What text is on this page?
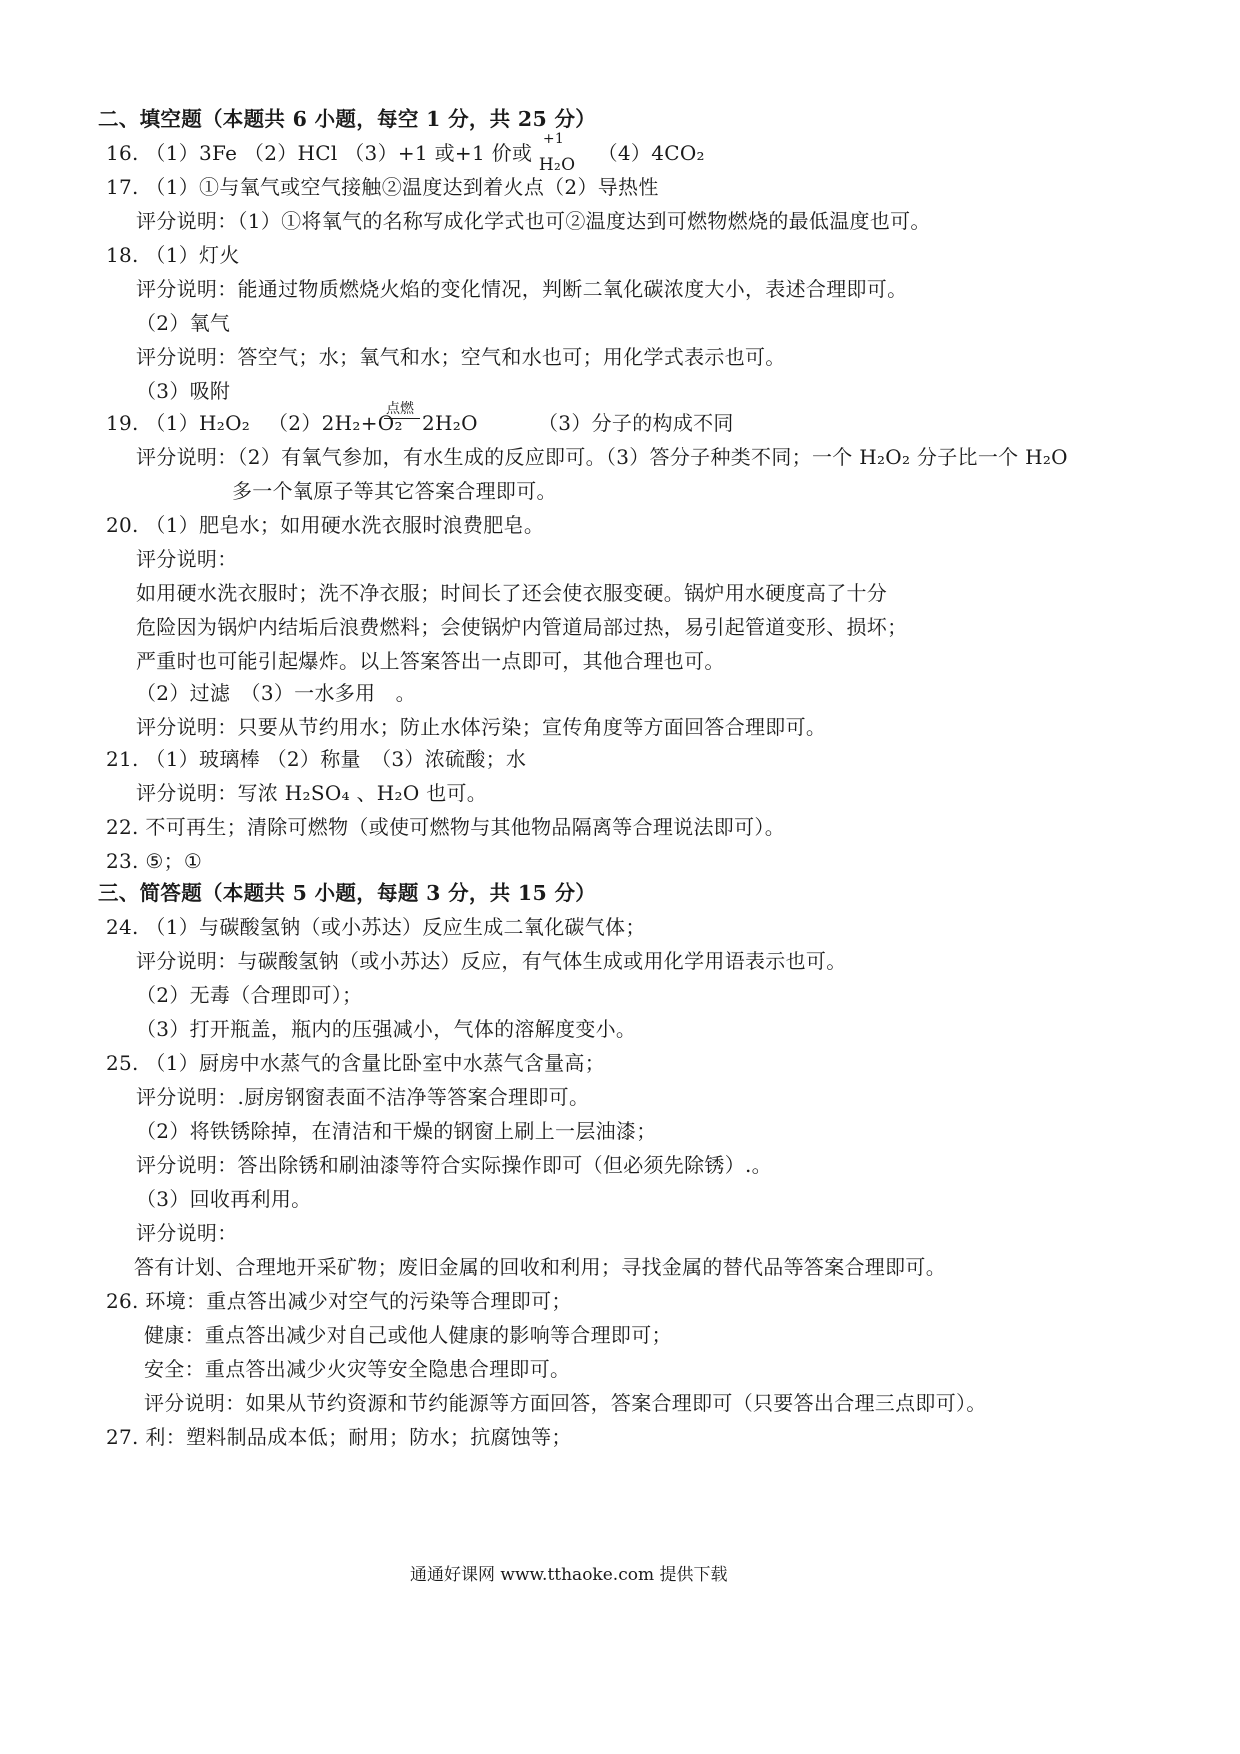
二、填空题（本题共 6 小题，每空 1 分，共 25 分）
16. （1）3Fe （2）HCl （3）+1 或+1 价或
+1
$_{H_2O}$ （4）4CO₂
17. （1）①与氧气或空气接触②温度达到着火点（2）导热性
评分说明：（1）①将氧气的名称写成化学式也可②温度达到可燃物燃烧的最低温度也可。
18. （1）灯火
评分说明：能通过物质燃烧火焰的变化情况，判断二氧化碳浓度大小，表述合理即可。
（2）氧气
评分说明：答空气；水；氧气和水；空气和水也可；用化学式表示也可。
（3）吸附
19. （1）H₂O₂ （2）2H₂+O₂
点燃
2H₂O	（3）分子的构成不同
评分说明：（2）有氧气参加，有水生成的反应即可。（3）答分子种类不同；一个 H₂O₂ 分子比一个 H₂O
多一个氧原子等其它答案合理即可。
20. （1）肥皂水；如用硬水洗衣服时浪费肥皂。
评分说明：
如用硬水洗衣服时；洗不净衣服；时间长了还会使衣服变硬。锅炉用水硬度高了十分
危险因为锅炉内结垢后浪费燃料；会使锅炉内管道局部过热，易引起管道变形、损坏；
严重时也可能引起爆炸。以上答案答出一点即可，其他合理也可。
（2）过滤　（3）一水多用　。
评分说明：只要从节约用水；防止水体污染；宣传角度等方面回答合理即可。
21. （1）玻璃棒 （2）称量　（3）浓硫酸；水
评分说明：写浓 H₂SO₄ 、H₂O 也可。
22. 不可再生；清除可燃物（或使可燃物与其他物品隔离等合理说法即可）。
23. ⑤；①
三、简答题（本题共 5 小题，每题 3 分，共 15 分）
24. （1）与碳酸氢钠（或小苏达）反应生成二氧化碳气体；
评分说明：与碳酸氢钠（或小苏达）反应，有气体生成或用化学用语表示也可。
（2）无毒（合理即可）；
（3）打开瓶盖，瓶内的压强减小，气体的溶解度变小。
25. （1）厨房中水蒸气的含量比卧室中水蒸气含量高；
评分说明：.厨房钢窗表面不洁净等答案合理即可。
（2）将铁锈除掉，在清洁和干燥的钢窗上刷上一层油漆；
评分说明：答出除锈和刷油漆等符合实际操作即可（但必须先除锈）.。
（3）回收再利用。
评分说明：
答有计划、合理地开采矿物；废旧金属的回收和利用；寻找金属的替代品等答案合理即可。
26. 环境：重点答出减少对空气的污染等合理即可；
健康：重点答出减少对自己或他人健康的影响等合理即可；
安全：重点答出减少火灾等安全隐患合理即可。
评分说明：如果从节约资源和节约能源等方面回答，答案合理即可（只要答出合理三点即可）。
27. 利：塑料制品成本低；耐用；防水；抗腐蚀等；
通通好课网 www.tthaoke.com 提供下载
